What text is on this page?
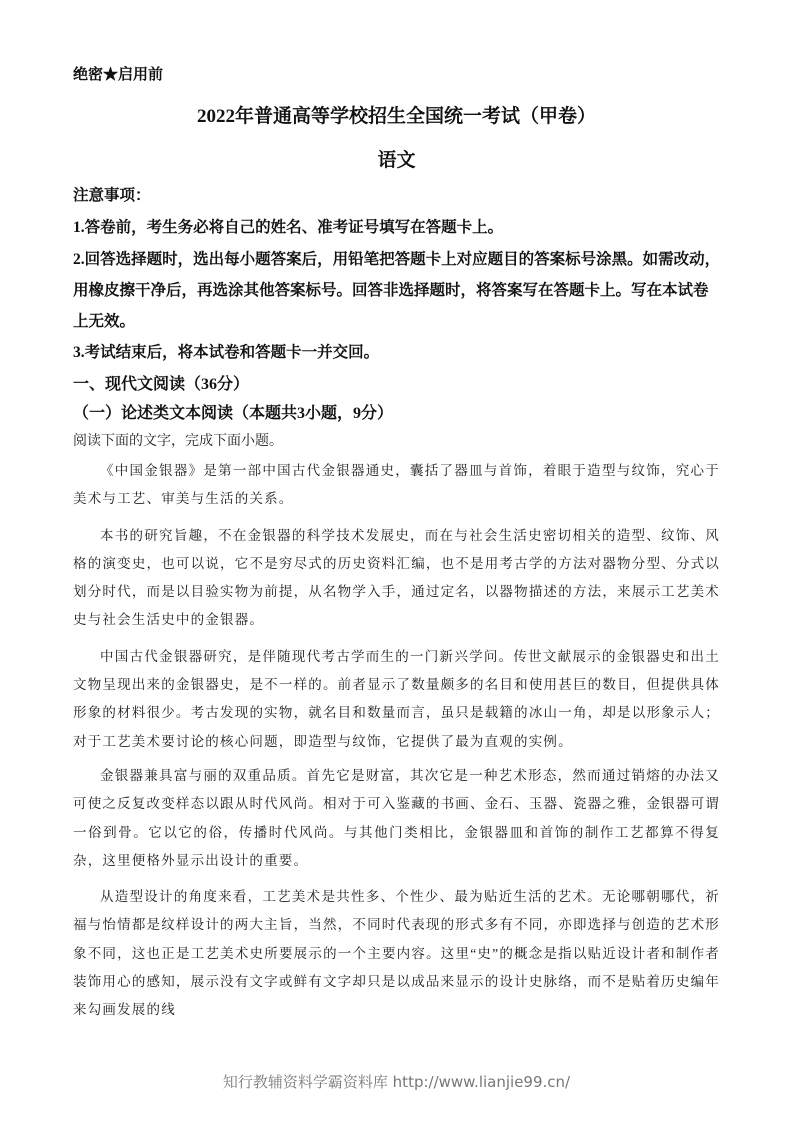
绝密★启用前
2022年普通高等学校招生全国统一考试（甲卷）
语文

注意事项：

1.答卷前，考生务必将自己的姓名、准考证号填写在答题卡上。

2.回答选择题时，选出每小题答案后，用铅笔把答题卡上对应题目的答案标号涂黑。如需改动，用橡皮擦干净后，再选涂其他答案标号。回答非选择题时，将答案写在答题卡上。写在本试卷上无效。

3.考试结束后，将本试卷和答题卡一并交回。

一、现代文阅读（36分）
（一）论述类文本阅读（本题共3小题，9分）
阅读下面的文字，完成下面小题。

《中国金银器》是第一部中国古代金银器通史，囊括了器皿与首饰，着眼于造型与纹饰，究心于美术与工艺、审美与生活的关系。

本书的研究旨趣，不在金银器的科学技术发展史，而在与社会生活史密切相关的造型、纹饰、风格的演变史，也可以说，它不是穷尽式的历史资料汇编，也不是用考古学的方法对器物分型、分式以划分时代，而是以目验实物为前提，从名物学入手，通过定名，以器物描述的方法，来展示工艺美术史与社会生活史中的金银器。

中国古代金银器研究，是伴随现代考古学而生的一门新兴学问。传世文献展示的金银器史和出土文物呈现出来的金银器史，是不一样的。前者显示了数量颇多的名目和使用甚巨的数目，但提供具体形象的材料很少。考古发现的实物，就名目和数量而言，虽只是载籍的冰山一角，却是以形象示人；对于工艺美术要讨论的核心问题，即造型与纹饰，它提供了最为直观的实例。

金银器兼具富与丽的双重品质。首先它是财富，其次它是一种艺术形态，然而通过销熔的办法又可使之反复改变样态以跟从时代风尚。相对于可入鉴藏的书画、金石、玉器、瓷器之雅，金银器可谓一俗到骨。它以它的俗，传播时代风尚。与其他门类相比，金银器皿和首饰的制作工艺都算不得复杂，这里便格外显示出设计的重要。

从造型设计的角度来看，工艺美术是共性多、个性少、最为贴近生活的艺术。无论哪朝哪代，祈福与怡情都是纹样设计的两大主旨，当然，不同时代表现的形式多有不同，亦即选择与创造的艺术形象不同，这也正是工艺美术史所要展示的一个主要内容。这里“史”的概念是指以贴近设计者和制作者装饰用心的感知，展示没有文字或鲜有文字却只是以成品来显示的设计史脉络，而不是贴着历史编年来勾画发展的线

知行教辅资料学霸资料库 http://www.lianjie99.cn/
